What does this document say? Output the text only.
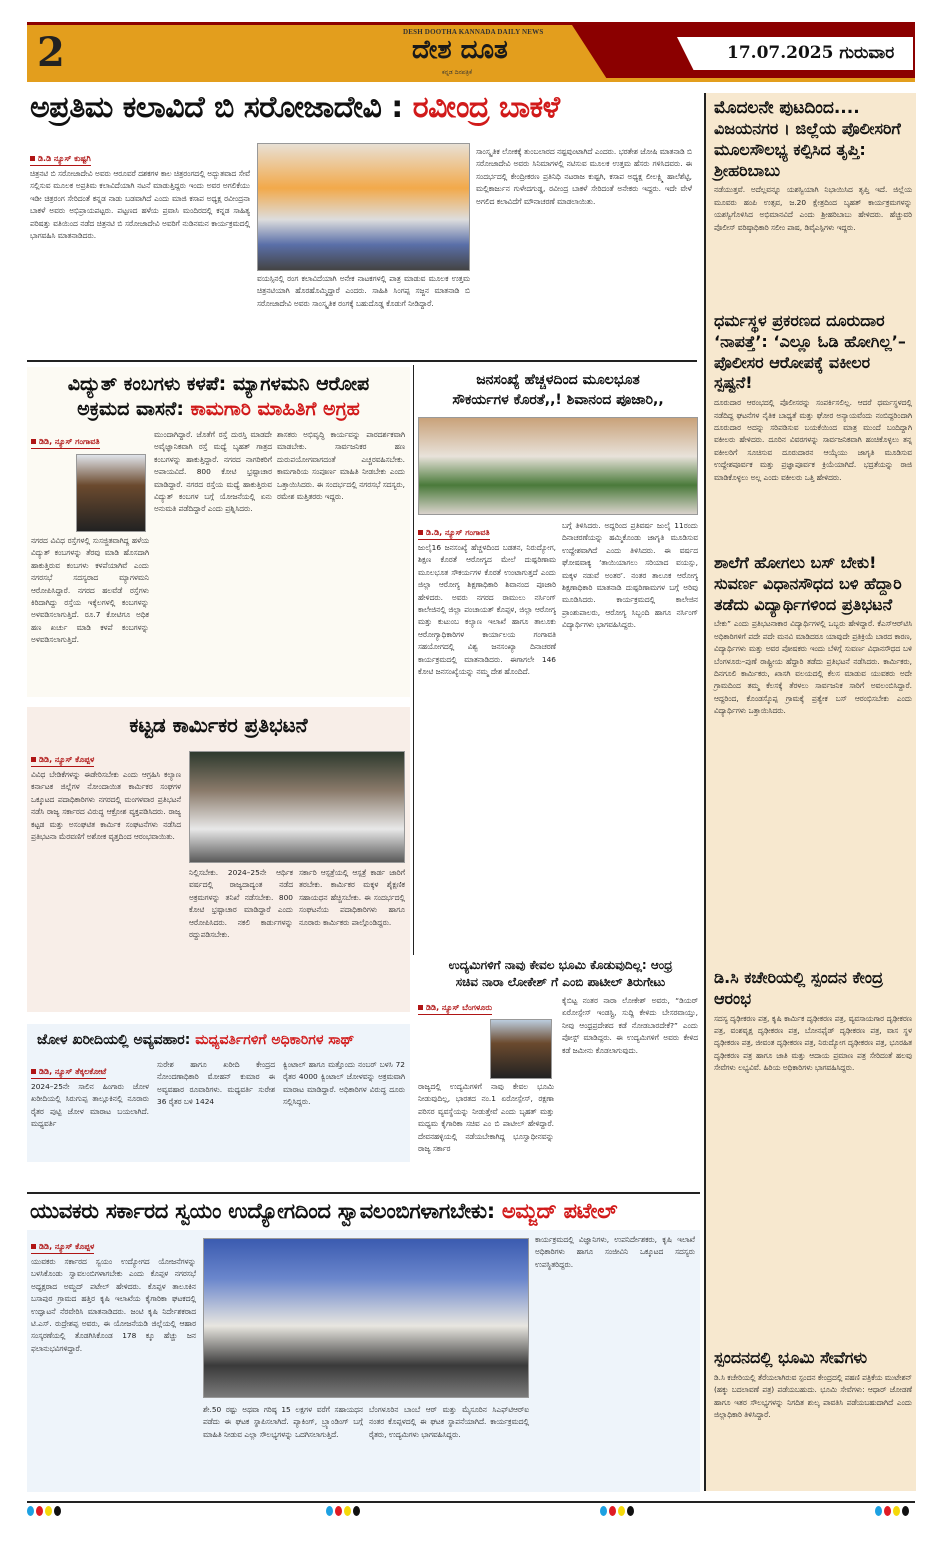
2	17.07.2025 ಗುರುವಾರ
DESH DOOTHA KANNADA DAILY NEWS
ದೇಶ ದೂತ
ಕನ್ನಡ ದಿನಪತ್ರಿಕೆ
ಅಪ್ರತಿಮ ಕಲಾವಿದೆ ಬಿ ಸರೋಜಾದೇವಿ : ರವೀಂದ್ರ ಬಾಕಳೆ
ಡಿ.ಡಿ ನ್ಯೂಸ್ ಕುಷ್ಟಗಿ
ಚಿತ್ರನಟಿ ಬಿ ಸರೋಜಾದೇವಿ ಅವರು ಆರೂವರೆ ದಶಕಗಳ ಕಾಲ ಚಿತ್ರರಂಗದಲ್ಲಿ ಅದ್ಭುತವಾದ ಸೇವೆ ಸಲ್ಲಿಸುವ ಮೂಲಕ ಅಪ್ರತಿಮ ಕಲಾವಿದೆಯಾಗಿ ನಟನೆ ಮಾಡುತ್ತಿದ್ದರು ಇಂದು ಅವರ ಅಗಲಿಕೆಯು ಇಡೀ ಚಿತ್ರರಂಗ ಸೇರಿದಂತೆ ಕನ್ನಡ ನಾಡು ಬಡವಾಗಿದೆ ಎಂದು ಮಾಜಿ ಕಸಾಪ ಅಧ್ಯಕ್ಷ ರವೀಂದ್ರನಾ ಬಾಕಳೆ ಅವರು ಅಭಿಪ್ರಾಯಪಟ್ಟರು. ಪಟ್ಟಣದ ಹಳೆಯ ಪ್ರವಾಸಿ ಮಂದಿರದಲ್ಲಿ ಕನ್ನಡ ಸಾಹಿತ್ಯ ಪರಿಷತ್ತು ವತಿಯಿಂದ ನಡೆದ ಚಿತ್ರನಟಿ ಬಿ ಸರೋಜಾದೇವಿ ಅವರಿಗೆ ನುಡಿನಮನ ಕಾರ್ಯಕ್ರಮದಲ್ಲಿ ಭಾಗವಹಿಸಿ ಮಾತನಾಡಿದರು.
ವಯಸ್ಸಿನಲ್ಲಿ ರಂಗ ಕಲಾವಿದೆಯಾಗಿ ಅನೇಕ ನಾಟಕಗಳಲ್ಲಿ ಪಾತ್ರ ಮಾಡುವ ಮೂಲಕ ಉತ್ತಮ ಚಿತ್ರನಟಿಯಾಗಿ ಹೊರಹೊಮ್ಮಿದ್ದಾರೆ ಎಂದರು. ಸಾಹಿತಿ ಸಿಂಗಪ್ಪ ಸಜ್ಜನ ಮಾತನಾಡಿ ಬಿ ಸರೋಜಾದೇವಿ ಅವರು ಸಾಂಸ್ಕೃತಿಕ ರಂಗಕ್ಕೆ ಬಹುದೊಡ್ಡ ಕೊಡುಗೆ ನೀಡಿದ್ದಾರೆ.
ಸಾಂಸ್ಕೃತಿಕ ಲೋಕಕ್ಕೆ ತುಂಬಲಾರದ ನಷ್ಟವುಂಟಾಗಿದೆ ಎಂದರು. ಭರತೇಶ ಜೋಷಿ ಮಾತನಾಡಿ ಬಿ ಸರೋಜಾದೇವಿ ಅವರು ಸಿನಿಮಾಗಳಲ್ಲಿ ನಟಿಸುವ ಮೂಲಕ ಉತ್ತಮ ಹೆಸರು ಗಳಿಸಿದವರು. ಈ ಸಂದರ್ಭದಲ್ಲಿ ಕೇಂದ್ರೀಕರಣ ಪ್ರತಿನಿಧಿ ನಟರಾಜ ಕುಷ್ಟಗಿ, ಕಸಾಪ ಅಧ್ಯಕ್ಷ ಲೀಲಕ್ಷ್ಮಿ ಹಾಲೆಶೆಟ್ಟಿ, ಮಲ್ಲಿಕಾರ್ಜುನ ಗುಳೇದಗುಡ್ಡ, ರವೀಂದ್ರ ಬಾಕಳೆ ಸೇರಿದಂತೆ ಅನೇಕರು ಇದ್ದರು. ಇದೇ ವೇಳೆ ಅಗಲಿದ ಕಲಾವಿದೆಗೆ ಮೌನಾಚರಣೆ ಮಾಡಲಾಯಿತು.
ಮೊದಲನೇ ಪುಟದಿಂದ....
ವಿಜಯನಗರ । ಜಿಲ್ಲೆಯ ಪೊಲೀಸರಿಗೆ ಮೂಲಸೌಲಭ್ಯ ಕಲ್ಪಿಸಿದ ತೃಪ್ತಿ: ಶ್ರೀಹರಿಬಾಬು
ನಡೆಯುತ್ತವೆ. ಅದೆಲ್ಲವನ್ನೂ ಯಶಸ್ವಿಯಾಗಿ ನಿಭಾಯಿಸಿದ ತೃಪ್ತಿ ಇದೆ. ಜಿಲ್ಲೆಯ ಮೂವರು ಹಂಪಿ ಉತ್ಸವ, ಜ.20 ಕ್ಷೇತ್ರದಿಂದ ಬೃಹತ್ ಕಾರ್ಯಕ್ರಮಗಳನ್ನು ಯಶಸ್ವಿಗೊಳಿಸಿದ ಅಭಿಮಾನವಿದೆ ಎಂದು ಶ್ರೀಹರಿಬಾಬು ಹೇಳಿದರು. ಹೆಚ್ಚುವರಿ ಪೊಲೀಸ್ ವರಿಷ್ಠಾಧಿಕಾರಿ ಸಲೀಂ ಪಾಷ, ಡಿವೈಎಸ್ಪಿಗಳು ಇದ್ದರು.
ಧರ್ಮಸ್ಥಳ ಪ್ರಕರಣದ ದೂರುದಾರ ‘ನಾಪತ್ತೆ’: ‘ಎಲ್ಲೂ ಓಡಿ ಹೋಗಿಲ್ಲ’– ಪೊಲೀಸರ ಆರೋಪಕ್ಕೆ ವಕೀಲರ ಸ್ಪಷ್ಟನೆ!
ದೂರುದಾರ ಆರಂಭದಲ್ಲಿ ಪೊಲೀಸರನ್ನು ಸಂಪರ್ಕಿಸಲಿಲ್ಲ. ಆದರೆ ಧರ್ಮಸ್ಥಳದಲ್ಲಿ ನಡೆದಿದ್ದ ಘಟನೆಗಳ ನೈತಿಕ ಬಾಧ್ಯತೆ ಮತ್ತು ಘೋರ ಅನ್ಯಾಯವೆಂದು ನಂಬಿದ್ದರಿಂದಾಗಿ ದೂರುದಾರ ಅದನ್ನು ಸರಿಪಡಿಸುವ ಬಯಕೆಯಿಂದ ಮಾತ್ರ ಮುಂದೆ ಬಂದಿದ್ದಾಗಿ ವಕೀಲರು ಹೇಳಿದರು. ದೂರಿನ ವಿವರಗಳನ್ನು ಸಾರ್ವಜನಿಕವಾಗಿ ಹಂಚಿಕೊಳ್ಳಲು ತನ್ನ ವಕೀಲರಿಗೆ ಸೂಚಿಸುವ ದೂರುದಾರನ ಆಯ್ಕೆಯು ಜಾಗೃತಿ ಮೂಡಿಸುವ ಉದ್ದೇಶಪೂರ್ವಕ ಮತ್ತು ಪ್ರಜ್ಞಾಪೂರ್ವಕ ಕ್ರಿಯೆಯಾಗಿದೆ. ಭದ್ರತೆಯನ್ನು ರಾಜಿ ಮಾಡಿಕೊಳ್ಳಲು ಅಲ್ಲ ಎಂದು ವಕೀಲರು ಒತ್ತಿ ಹೇಳಿದರು.
ಶಾಲೆಗೆ ಹೋಗಲು ಬಸ್ ಬೇಕು! ಸುವರ್ಣ ವಿಧಾನಸೌಧದ ಬಳಿ ಹೆದ್ದಾರಿ ತಡೆದು ವಿದ್ಯಾರ್ಥಿಗಳಿಂದ ಪ್ರತಿಭಟನೆ
ಬೇಕು” ಎಂದು ಪ್ರತಿಭಟನಾಕಾರ ವಿದ್ಯಾರ್ಥಿಗಳಲ್ಲಿ ಒಬ್ಬರು ಹೇಳಿದ್ದಾರೆ. ಕೆಎಸ್‌ಆರ್‌ಟಿಸಿ ಅಧಿಕಾರಿಗಳಿಗೆ ಪದೇ ಪದೇ ಮನವಿ ಮಾಡಿದರೂ ಯಾವುದೇ ಪ್ರತಿಕ್ರಿಯೆ ಬಾರದ ಕಾರಣ, ವಿದ್ಯಾರ್ಥಿಗಳು ಮತ್ತು ಅವರ ಪೋಷಕರು ಇಂದು ಬೆಳಿಗ್ಗೆ ಸುವರ್ಣ ವಿಧಾನಸೌಧದ ಬಳಿ ಬೆಂಗಳೂರು–ಪುಣೆ ರಾಷ್ಟ್ರೀಯ ಹೆದ್ದಾರಿ ತಡೆದು ಪ್ರತಿಭಟನೆ ನಡೆಸಿದರು. ಕಾರ್ಮಿಕರು, ದಿನಗೂಲಿ ಕಾರ್ಮಿಕರು, ಖಾಸಗಿ ವಲಯದಲ್ಲಿ ಕೆಲಸ ಮಾಡುವ ಯುವಕರು ಅದೇ ಗ್ರಾಮದಿಂದ ತಮ್ಮ ಕೆಲಸಕ್ಕೆ ತೆರಳಲು ಸಾರ್ವಜನಿಕ ಸಾರಿಗೆ ಅವಲಂಬಿಸಿದ್ದಾರೆ. ಆದ್ದರಿಂದ, ಕೊಂಡಸ್ಕೊಪ್ಪ ಗ್ರಾಮಕ್ಕೆ ಪ್ರತ್ಯೇಕ ಬಸ್ ಆರಂಭಿಸಬೇಕು ಎಂದು ವಿದ್ಯಾರ್ಥಿಗಳು ಒತ್ತಾಯಿಸಿದರು.
ಡಿ.ಸಿ ಕಚೇರಿಯಲ್ಲಿ ಸ್ಪಂದನ ಕೇಂದ್ರ ಆರಂಭ
ಸದಸ್ಯ ದೃಢೀಕರಣ ಪತ್ರ, ಕೃಷಿ ಕಾರ್ಮಿಕ ದೃಢೀಕರಣ ಪತ್ರ, ವ್ಯವಸಾಯಗಾರ ದೃಢೀಕರಣ ಪತ್ರ, ವಂಶವೃಕ್ಷ ದೃಢೀಕರಣ ಪತ್ರ, ಬೋನಫೈಡ್ ದೃಢೀಕರಣ ಪತ್ರ, ವಾಸ ಸ್ಥಳ ದೃಢೀಕರಣ ಪತ್ರ, ಜೀವಂತ ದೃಢೀಕರಣ ಪತ್ರ, ನಿರುದ್ಯೋಗ ದೃಢೀಕರಣ ಪತ್ರ, ಭೂರಹಿತ ದೃಢೀಕರಣ ಪತ್ರ ಹಾಗೂ ಜಾತಿ ಮತ್ತು ಆದಾಯ ಪ್ರಮಾಣ ಪತ್ರ ಸೇರಿದಂತೆ ಹಲವು ಸೇವೆಗಳು ಲಭ್ಯವಿವೆ. ಹಿರಿಯ ಅಧಿಕಾರಿಗಳು ಭಾಗವಹಿಸಿದ್ದರು.
ಸ್ಪಂದನದಲ್ಲಿ ಭೂಮಿ ಸೇವೆಗಳು
ಡಿ.ಸಿ ಕಚೇರಿಯಲ್ಲಿ ತೆರೆಯಲಾಗಿರುವ ಸ್ಪಂದನ ಕೇಂದ್ರದಲ್ಲಿ ಪಹಣಿ ಪತ್ರಿಕೆಯ ಮುಟೇಶನ್ (ಹಕ್ಕು ಬದಲಾವಣೆ ಪತ್ರ) ಪಡೆಯಬಹುದು. ಭೂಮಿ ಸೇವೆಗಳು: ಆಧಾರ್ ಜೋಡಣೆ ಹಾಗೂ ಇತರ ಸೌಲಭ್ಯಗಳನ್ನು ನಿಗದಿತ ಶುಲ್ಕ ಪಾವತಿಸಿ ಪಡೆಯಬಹುದಾಗಿದೆ ಎಂದು ಜಿಲ್ಲಾಧಿಕಾರಿ ತಿಳಿಸಿದ್ದಾರೆ.
ವಿದ್ಯುತ್ ಕಂಬಗಳು ಕಳಪೆ: ಮ್ಯಾಗಳಮನಿ ಆರೋಪ
ಅಕ್ರಮದ ವಾಸನೆ: ಕಾಮಗಾರಿ ಮಾಹಿತಿಗೆ ಅಗ್ರಹ
ಡಿಡಿ, ನ್ಯೂಸ್ ಗಂಗಾವತಿ
ನಗರದ ವಿವಿಧ ರಸ್ತೆಗಳಲ್ಲಿ ಸುಸಜ್ಜಿತವಾಗಿದ್ದ ಹಳೆಯ ವಿದ್ಯುತ್ ಕಂಬಗಳನ್ನು ತೆರವು ಮಾಡಿ ಹೊಸದಾಗಿ ಹಾಕುತ್ತಿರುವ ಕಂಬಗಳು ಕಳಪೆಯಾಗಿವೆ ಎಂದು ನಗರಸಭೆ ಸದಸ್ಯರಾದ ಮ್ಯಾಗಳಮನಿ ಆರೋಪಿಸಿದ್ದಾರೆ. ನಗರದ ಹಲವೆಡೆ ರಸ್ತೆಗಳು ಕಿರಿದಾಗಿದ್ದು ರಸ್ತೆಯ ಇಕ್ಕೆಲಗಳಲ್ಲಿ ಕಂಬಗಳನ್ನು ಅಳವಡಿಸಲಾಗುತ್ತಿದೆ. ರೂ.7 ಕೋಟಿಗೂ ಅಧಿಕ ಹಣ ಖರ್ಚು ಮಾಡಿ ಕಳಪೆ ಕಂಬಗಳನ್ನು ಅಳವಡಿಸಲಾಗುತ್ತಿದೆ.
ಮುಂದಾಗಿದ್ದಾರೆ. ಜೊತೆಗೆ ರಸ್ತೆ ದುರಸ್ತಿ ಮಾಡದೇ ಅವೈಜ್ಞಾನಿಕವಾಗಿ ರಸ್ತೆ ಮಧ್ಯೆ ಬೃಹತ್ ಗಾತ್ರದ ಕಂಬಗಳನ್ನು ಹಾಕುತ್ತಿದ್ದಾರೆ. ನಗರದ ನಾಗರಿಕರಿಗೆ ಅಪಾಯವಿದೆ. 800 ಕೋಟಿ ಭ್ರಷ್ಟಾಚಾರ ಮಾಡಿದ್ದಾರೆ. ನಗರದ ರಸ್ತೆಯ ಮಧ್ಯೆ ಹಾಕುತ್ತಿರುವ ವಿದ್ಯುತ್ ಕಂಬಗಳ ಬಗ್ಗೆ ಯೋಜನೆಯಲ್ಲಿ ಏನು ಅನುಮತಿ ಪಡೆದಿದ್ದಾರೆ ಎಂದು ಪ್ರಶ್ನಿಸಿದರು.
ಶಾಸಕರು ಅಭಿವೃದ್ಧಿ ಕಾರ್ಯವನ್ನು ಪಾರದರ್ಶಕವಾಗಿ ಮಾಡಬೇಕು. ಸಾರ್ವಜನಿಕರ ಹಣ ದುರುಪಯೋಗವಾಗದಂತೆ ಎಚ್ಚರವಹಿಸಬೇಕು. ಕಾಮಗಾರಿಯ ಸಂಪೂರ್ಣ ಮಾಹಿತಿ ನೀಡಬೇಕು ಎಂದು ಒತ್ತಾಯಿಸಿದರು. ಈ ಸಂದರ್ಭದಲ್ಲಿ ನಗರಸಭೆ ಸದಸ್ಯರು, ರಮೇಶ ಮತ್ತಿತರರು ಇದ್ದರು.
ಜನಸಂಖ್ಯೆ ಹೆಚ್ಚಳದಿಂದ ಮೂಲಭೂತ
ಸೌಕರ್ಯಗಳ ಕೊರತೆ,,! ಶಿವಾನಂದ ಪೂಜಾರಿ,,
ಡಿ.ಡಿ, ನ್ಯೂಸ್ ಗಂಗಾವತಿ
ಜುಲೈ16 ಜನಸಂಖ್ಯೆ ಹೆಚ್ಚಳದಿಂದ ಬಡತನ, ನಿರುದ್ಯೋಗ, ಶಿಕ್ಷಣ ಕೊರತೆ ಆರೋಗ್ಯದ ಮೇಲೆ ದುಷ್ಪರಿಣಾಮ ಮೂಲಭೂತ ಸೌಕರ್ಯಗಳ ಕೊರತೆ ಉಂಟಾಗುತ್ತದೆ ಎಂದು ಜಿಲ್ಲಾ ಆರೋಗ್ಯ ಶಿಕ್ಷಣಾಧಿಕಾರಿ ಶಿವಾನಂದ ಪೂಜಾರಿ ಹೇಳಿದರು. ಅವರು ನಗರದ ರಾಮುಲು ನರ್ಸಿಂಗ್ ಕಾಲೇಜಿನಲ್ಲಿ ಜಿಲ್ಲಾ ಪಂಚಾಯತ್ ಕೊಪ್ಪಳ, ಜಿಲ್ಲಾ ಆರೋಗ್ಯ ಮತ್ತು ಕುಟುಂಬ ಕಲ್ಯಾಣ ಇಲಾಖೆ ಹಾಗೂ ತಾಲೂಕು ಆರೋಗ್ಯಾಧಿಕಾರಿಗಳ ಕಾರ್ಯಾಲಯ ಗಂಗಾವತಿ ಸಹಯೋಗದಲ್ಲಿ ವಿಶ್ವ ಜನಸಂಖ್ಯಾ ದಿನಾಚರಣೆ ಕಾರ್ಯಕ್ರಮದಲ್ಲಿ ಮಾತನಾಡಿದರು. ಈಗಾಗಲೇ 146 ಕೋಟಿ ಜನಸಂಖ್ಯೆಯನ್ನು ನಮ್ಮ ದೇಶ ಹೊಂದಿದೆ.
ಬಗ್ಗೆ ತಿಳಿಸಿದರು. ಅದ್ದರಿಂದ ಪ್ರತಿವರ್ಷ ಜುಲೈ 11ರಂದು ದಿನಾಚರಣೆಯನ್ನು ಹಮ್ಮಿಕೊಂಡು ಜಾಗೃತಿ ಮೂಡಿಸುವ ಉದ್ದೇಶವಾಗಿದೆ ಎಂದು ತಿಳಿಸಿದರು. ಈ ವರ್ಷದ ಘೋಷವಾಕ್ಯ ‘ತಾಯಿಯಾಗಲು ಸರಿಯಾದ ವಯಸ್ಸು, ಮಕ್ಕಳ ನಡುವೆ ಅಂತರ’. ನಂತರ ತಾಲೂಕ ಆರೋಗ್ಯ ಶಿಕ್ಷಣಾಧಿಕಾರಿ ಮಾತನಾಡಿ ದುಷ್ಪರಿಣಾಮಗಳ ಬಗ್ಗೆ ಅರಿವು ಮೂಡಿಸಿದರು. ಕಾರ್ಯಕ್ರಮದಲ್ಲಿ ಕಾಲೇಜಿನ ಪ್ರಾಂಶುಪಾಲರು, ಆರೋಗ್ಯ ಸಿಬ್ಬಂದಿ ಹಾಗೂ ನರ್ಸಿಂಗ್ ವಿದ್ಯಾರ್ಥಿಗಳು ಭಾಗವಹಿಸಿದ್ದರು.
ಕಟ್ಟಡ ಕಾರ್ಮಿಕರ ಪ್ರತಿಭಟನೆ
ಡಿಡಿ, ನ್ಯೂಸ್ ಕೊಪ್ಪಳ
ವಿವಿಧ ಬೇಡಿಕೆಗಳನ್ನು ಈಡೇರಿಸಬೇಕು ಎಂದು ಆಗ್ರಹಿಸಿ ಕಲ್ಯಾಣ ಕರ್ನಾಟಕ ಜಿಲ್ಲೆಗಳ ನೋಂದಾಯಿತ ಕಾರ್ಮಿಕರ ಸಂಘಗಳ ಒಕ್ಕೂಟದ ಪದಾಧಿಕಾರಿಗಳು ನಗರದಲ್ಲಿ ಮಂಗಳವಾರ ಪ್ರತಿಭಟನೆ ನಡೆಸಿ ರಾಜ್ಯ ಸರ್ಕಾರದ ವಿರುದ್ಧ ಆಕ್ರೋಶ ವ್ಯಕ್ತಪಡಿಸಿದರು. ರಾಜ್ಯ ಕಟ್ಟಡ ಮತ್ತು ಅಸಂಘಟಿತ ಕಾರ್ಮಿಕ ಸಂಘಟನೆಗಳು ನಡೆಸಿದ ಪ್ರತಿಭಟನಾ ಮೆರವಣಿಗೆ ಅಶೋಕ ವೃತ್ತದಿಂದ ಆರಂಭವಾಯಿತು.
ನಿಲ್ಲಿಸಬೇಕು. 2024–25ನೇ ಆರ್ಥಿಕ ವರ್ಷದಲ್ಲಿ ರಾಜ್ಯದಾದ್ಯಂತ ನಡೆದ ಅಕ್ರಮಗಳನ್ನು ತನಿಖೆ ನಡೆಸಬೇಕು. 800 ಕೋಟಿ ಭ್ರಷ್ಟಾಚಾರ ಮಾಡಿದ್ದಾರೆ ಎಂದು ಆರೋಪಿಸಿದರು. ನಕಲಿ ಕಾರ್ಡುಗಳನ್ನು ರದ್ದುಪಡಿಸಬೇಕು.
ಸರ್ಕಾರಿ ಆಸ್ಪತ್ರೆಯಲ್ಲಿ ಆಸ್ಪತ್ರೆ ಕಾರ್ಡ ಜಾರಿಗೆ ತರಬೇಕು. ಕಾರ್ಮಿಕರ ಮಕ್ಕಳ ಶೈಕ್ಷಣಿಕ ಸಹಾಯಧನ ಹೆಚ್ಚಿಸಬೇಕು. ಈ ಸಂದರ್ಭದಲ್ಲಿ ಸಂಘಟನೆಯ ಪದಾಧಿಕಾರಿಗಳು ಹಾಗೂ ನೂರಾರು ಕಾರ್ಮಿಕರು ಪಾಲ್ಗೊಂಡಿದ್ದರು.
ಜೋಳ ಖರೀದಿಯಲ್ಲಿ ಅವ್ಯವಹಾರ: ಮಧ್ಯವರ್ತಿಗಳಿಗೆ ಅಧಿಕಾರಿಗಳ ಸಾಥ್
ಡಿಡಿ, ನ್ಯೂಸ್ ತೆಕ್ಕಲಕೋಟೆ
2024–25ನೇ ಸಾಲಿನ ಹಿಂಗಾರು ಜೋಳ ಖರೀದಿಯಲ್ಲಿ ಸಿರುಗುಪ್ಪ ತಾಲ್ಲೂಕಿನಲ್ಲಿ ನೂರಾರು ರೈತರ ಪುಟ್ಟಿ ಜೋಳ ಮಾರಾಟ ಬಯಲಾಗಿದೆ. ಮಧ್ಯವರ್ತಿ
ಸುರೇಶ ಹಾಗೂ ಖರೀದಿ ಕೇಂದ್ರದ ನೋಂದಣಾಧಿಕಾರಿ ಮೋಹನ್ ಕುಮಾರ ಈ ಅವ್ಯವಹಾರ ರೂವಾರಿಗಳು. ಮಧ್ಯವರ್ತಿ ಸುರೇಶ 36 ರೈತರ ಬಳಿ 1424
ಕ್ವಿಂಟಾಲ್ ಹಾಗೂ ಮತ್ತೊಂದು ನಂಬರ್ ಬಳಸಿ 72 ರೈತರ 4000 ಕ್ವಿಂಟಾಲ್ ಜೋಳವನ್ನು ಅಕ್ರಮವಾಗಿ ಮಾರಾಟ ಮಾಡಿದ್ದಾರೆ. ಅಧಿಕಾರಿಗಳ ವಿರುದ್ಧ ದೂರು ಸಲ್ಲಿಸಿದ್ದರು.
ಉದ್ಯಮಿಗಳಿಗೆ ನಾವು ಕೇವಲ ಭೂಮಿ ಕೊಡುವುದಿಲ್ಲ: ಆಂಧ್ರ
ಸಚಿವ ನಾರಾ ಲೋಕೇಶ್ ಗೆ ಎಂಬಿ ಪಾಟೀಲ್ ತಿರುಗೇಟು
ಡಿಡಿ, ನ್ಯೂಸ್ ಬೆಂಗಳೂರು
ರಾಜ್ಯದಲ್ಲಿ ಉದ್ಯಮಿಗಳಿಗೆ ನಾವು ಕೇವಲ ಭೂಮಿ ನೀಡುವುದಿಲ್ಲ, ಭಾರತದ ನಂ.1 ಏರೋಸ್ಪೇಸ್, ರಕ್ಷಣಾ ಪರಿಸರ ವ್ಯವಸ್ಥೆಯನ್ನು ನೀಡುತ್ತೇವೆ ಎಂದು ಬೃಹತ್ ಮತ್ತು ಮಧ್ಯಮ ಕೈಗಾರಿಕಾ ಸಚಿವ ಎಂ ಬಿ ಪಾಟೀಲ್ ಹೇಳಿದ್ದಾರೆ. ದೇವನಹಳ್ಳಿಯಲ್ಲಿ ನಡೆಯಬೇಕಾಗಿದ್ದ ಭೂಸ್ವಾಧೀನವನ್ನು ರಾಜ್ಯ ಸರ್ಕಾರ
ಕೈಬಿಟ್ಟ ನಂತರ ನಾರಾ ಲೋಕೇಶ್ ಅವರು, “ಡಿಯರ್ ಏರೋಸ್ಪೇಸ್ ಇಂಡಸ್ಟ್ರಿ, ಸುದ್ದಿ ಕೇಳಿದು ಬೇಸರವಾಯ್ತು, ನೀವು ಆಂಧ್ರಪ್ರದೇಶದ ಕಡೆ ನೋಡಬಾರದೇಕೆ?” ಎಂದು ಪೋಸ್ಟ್ ಮಾಡಿದ್ದರು. ಈ ಉದ್ಯಮಿಗಳಿಗೆ ಅವರು ಕೇಳಿದ ಕಡೆ ಜಮೀನು ಕೊಡಲಾಗುವುದು.
ಯುವಕರು ಸರ್ಕಾರದ ಸ್ವಯಂ ಉದ್ಯೋಗದಿಂದ ಸ್ವಾವಲಂಬಿಗಳಾಗಬೇಕು: ಅಮ್ಜದ್ ಪಟೇಲ್
ಡಿಡಿ, ನ್ಯೂಸ್ ಕೊಪ್ಪಳ
ಯುವಕರು ಸರ್ಕಾರದ ಸ್ವಯಂ ಉದ್ಯೋಗದ ಯೋಜನೆಗಳನ್ನು ಬಳಸಿಕೊಂಡು ಸ್ವಾವಲಂಬಿಗಳಾಗಬೇಕು ಎಂದು ಕೊಪ್ಪಳ ನಗರಸಭೆ ಅಧ್ಯಕ್ಷರಾದ ಅಮ್ಜದ್ ಪಟೇಲ್ ಹೇಳಿದರು. ಕೊಪ್ಪಳ ತಾಲೂಕಿನ ಬಸಾಪುರ ಗ್ರಾಮದ ಹತ್ತಿರ ಕೃಷಿ ಇಲಾಖೆಯ ಕೈಗಾರಿಕಾ ಘಟಕದಲ್ಲಿ ಉದ್ಘಾಟನೆ ನೆರವೇರಿಸಿ ಮಾತನಾಡಿದರು. ಜಂಟಿ ಕೃಷಿ ನಿರ್ದೇಶಕರಾದ ಟಿ.ಎಸ್. ರುದ್ರೇಶಪ್ಪ ಅವರು, ಈ ಯೋಜನೆಯಡಿ ಜಿಲ್ಲೆಯಲ್ಲಿ ಆಹಾರ ಸಂಸ್ಕರಣೆಯಲ್ಲಿ ತೊಡಗಿಸಿಕೊಂಡ 178 ಕ್ಕೂ ಹೆಚ್ಚು ಜನ ಫಲಾನುಭವಿಗಳಿದ್ದಾರೆ.
ಶೇ.50 ರಷ್ಟು ಅಥವಾ ಗರಿಷ್ಠ 15 ಲಕ್ಷಗಳ ವರೆಗೆ ಸಹಾಯಧನ ಪಡೆದು ಈ ಘಟಕ ಸ್ಥಾಪಿಸಲಾಗಿದೆ. ಪ್ಯಾಕಿಂಗ್, ಬ್ರ್ಯಾಂಡಿಂಗ್ ಬಗ್ಗೆ ಮಾಹಿತಿ ನೀಡುವ ಎಲ್ಲಾ ಸೌಲಭ್ಯಗಳನ್ನು ಒದಗಿಸಲಾಗುತ್ತಿದೆ.
ಬೆಂಗಳೂರಿನ ಬಾಂಬೆ ಆರ್ ಮತ್ತು ಮೈಸೂರಿನ ಸಿಎಫ್‌ಟಿಆರ್‌ಐ ನಂತರ ಕೊಪ್ಪಳದಲ್ಲಿ ಈ ಘಟಕ ಸ್ಥಾಪನೆಯಾಗಿದೆ. ಕಾರ್ಯಕ್ರಮದಲ್ಲಿ ರೈತರು, ಉದ್ಯಮಿಗಳು ಭಾಗವಹಿಸಿದ್ದರು.
ಕಾರ್ಯಕ್ರಮದಲ್ಲಿ ವಿಜ್ಞಾನಿಗಳು, ಉಪನಿರ್ದೇಶಕರು, ಕೃಷಿ ಇಲಾಖೆ ಅಧಿಕಾರಿಗಳು ಹಾಗೂ ಸಂಜೀವಿನಿ ಒಕ್ಕೂಟದ ಸದಸ್ಯರು ಉಪಸ್ಥಿತರಿದ್ದರು.
